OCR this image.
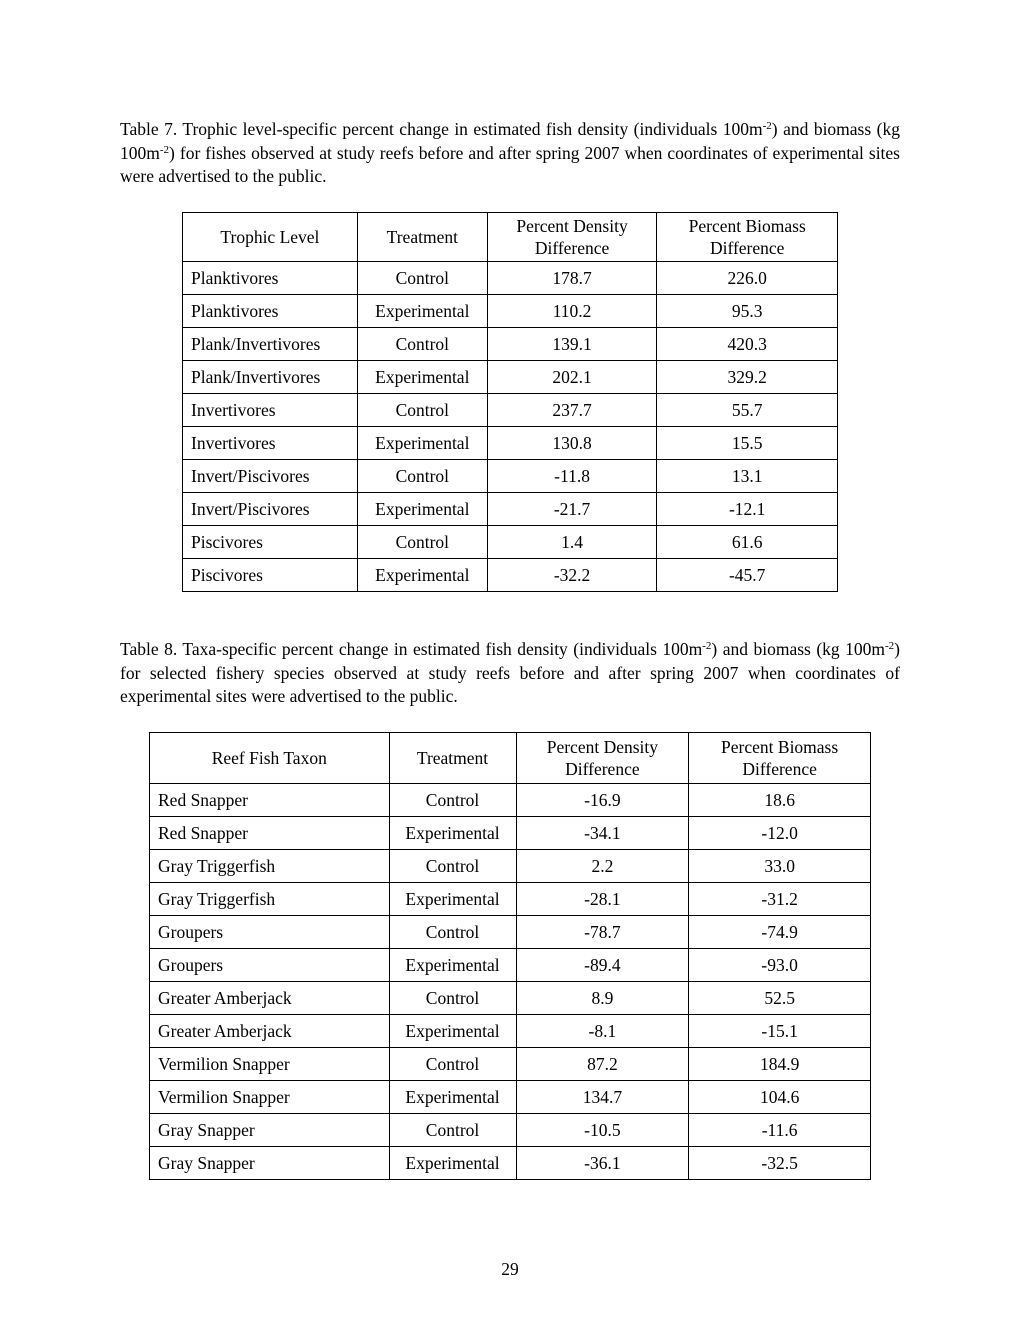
Table 7. Trophic level-specific percent change in estimated fish density (individuals $100m^{-2}$) and biomass (kg $100m^{-2}$) for fishes observed at study reefs before and after spring 2007 when coordinates of experimental sites were advertised to the public.

Trophic Level	Treatment	Percent Density Difference	Percent Biomass Difference
Planktivores	Control	178.7	226.0
Planktivores	Experimental	110.2	95.3
Plank/Invertivores	Control	139.1	420.3
Plank/Invertivores	Experimental	202.1	329.2
Invertivores	Control	237.7	55.7
Invertivores	Experimental	130.8	15.5
Invert/Piscivores	Control	-11.8	13.1
Invert/Piscivores	Experimental	-21.7	-12.1
Piscivores	Control	1.4	61.6
Piscivores	Experimental	-32.2	-45.7

Table 8. Taxa-specific percent change in estimated fish density (individuals $100m^{-2}$) and biomass (kg $100m^{-2}$) for selected fishery species observed at study reefs before and after spring 2007 when coordinates of experimental sites were advertised to the public.

Reef Fish Taxon	Treatment	Percent Density Difference	Percent Biomass Difference
Red Snapper	Control	-16.9	18.6
Red Snapper	Experimental	-34.1	-12.0
Gray Triggerfish	Control	2.2	33.0
Gray Triggerfish	Experimental	-28.1	-31.2
Groupers	Control	-78.7	-74.9
Groupers	Experimental	-89.4	-93.0
Greater Amberjack	Control	8.9	52.5
Greater Amberjack	Experimental	-8.1	-15.1
Vermilion Snapper	Control	87.2	184.9
Vermilion Snapper	Experimental	134.7	104.6
Gray Snapper	Control	-10.5	-11.6
Gray Snapper	Experimental	-36.1	-32.5
29
